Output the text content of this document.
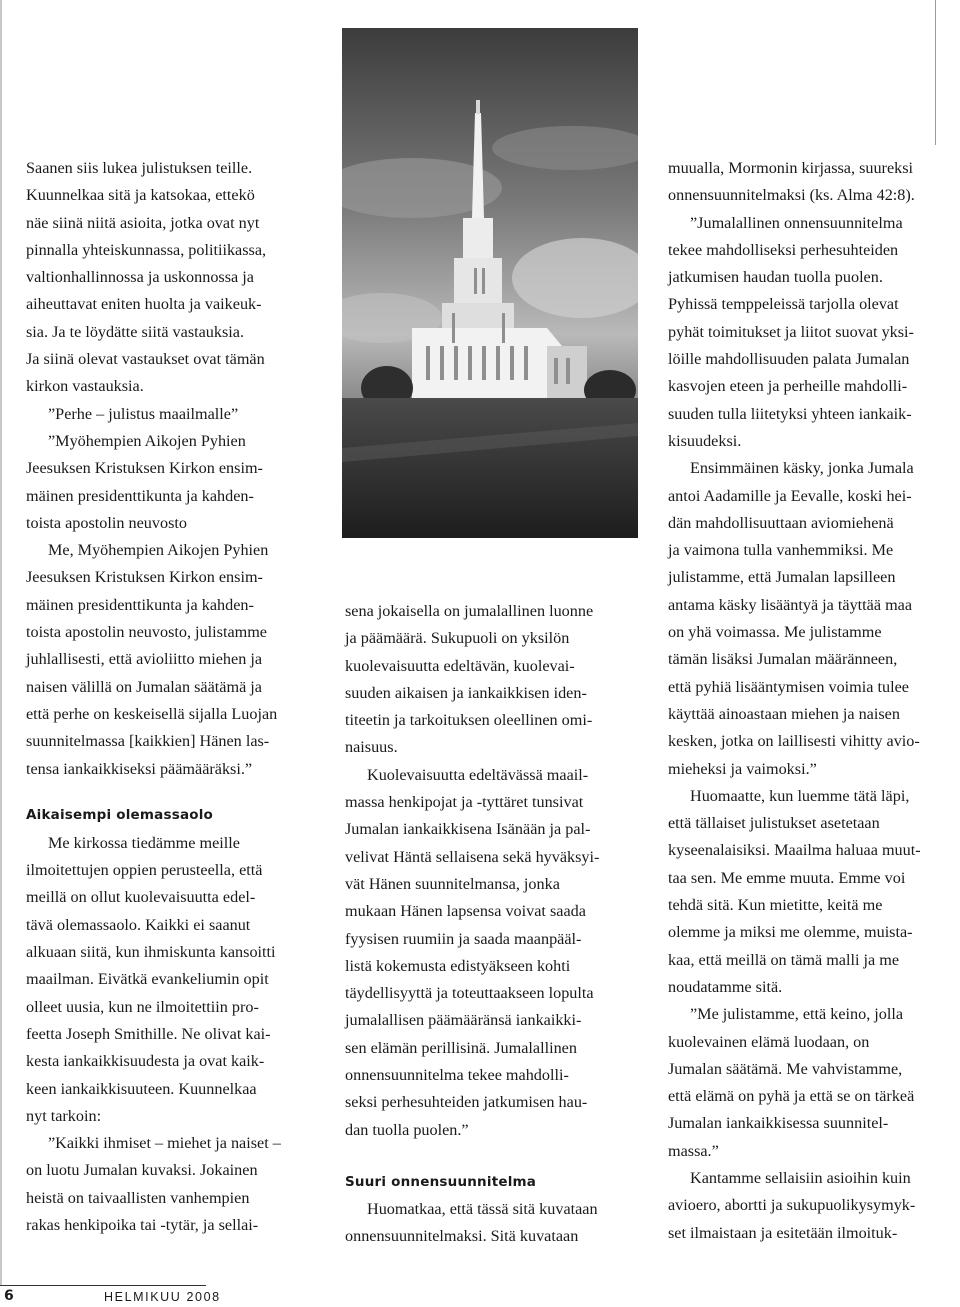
Saanen siis lukea julistuksen teille.
Kuunnelkaa sitä ja katsokaa, ettekö
näe siinä niitä asioita, jotka ovat nyt
pinnalla yhteiskunnassa, politiikassa,
valtionhallinnossa ja uskonnossa ja
aiheuttavat eniten huolta ja vaikeuk-
sia. Ja te löydätte siitä vastauksia.
Ja siinä olevat vastaukset ovat tämän
kirkon vastauksia.

”Perhe – julistus maailmalle”

”Myöhempien Aikojen Pyhien
Jeesuksen Kristuksen Kirkon ensim-
mäinen presidenttikunta ja kahden-
toista apostolin neuvosto

Me, Myöhempien Aikojen Pyhien
Jeesuksen Kristuksen Kirkon ensim-
mäinen presidenttikunta ja kahden-
toista apostolin neuvosto, julistamme
juhlallisesti, että avioliitto miehen ja
naisen välillä on Jumalan säätämä ja
että perhe on keskeisellä sijalla Luojan
suunnitelmassa [kaikkien] Hänen las-
tensa iankaikkiseksi päämääräksi.”

Aikaisempi olemassaolo

Me kirkossa tiedämme meille
ilmoitettujen oppien perusteella, että
meillä on ollut kuolevaisuutta edel-
tävä olemassaolo. Kaikki ei saanut
alkuaan siitä, kun ihmiskunta kansoitti
maailman. Eivätkä evankeliumin opit
olleet uusia, kun ne ilmoitettiin pro-
feetta Joseph Smithille. Ne olivat kai-
kesta iankaikkisuudesta ja ovat kaik-
keen iankaikkisuuteen. Kuunnelkaa
nyt tarkoin:

”Kaikki ihmiset – miehet ja naiset –
on luotu Jumalan kuvaksi. Jokainen
heistä on taivaallisten vanhempien
rakas henkipoika tai -tytär, ja sellai-

sena jokaisella on jumalallinen luonne
ja päämäärä. Sukupuoli on yksilön
kuolevaisuutta edeltävän, kuolevai-
suuden aikaisen ja iankaikkisen iden-
titeetin ja tarkoituksen oleellinen omi-
naisuus.

Kuolevaisuutta edeltävässä maail-
massa henkipojat ja -tyttäret tunsivat
Jumalan iankaikkisena Isänään ja pal-
velivat Häntä sellaisena sekä hyväksyi-
vät Hänen suunnitelmansa, jonka
mukaan Hänen lapsensa voivat saada
fyysisen ruumiin ja saada maanpääl-
listä kokemusta edistyäkseen kohti
täydellisyyttä ja toteuttaakseen lopulta
jumalallisen päämääränsä iankaikki-
sen elämän perillisinä. Jumalallinen
onnensuunnitelma tekee mahdolli-
seksi perhesuhteiden jatkumisen hau-
dan tuolla puolen.”

Suuri onnensuunnitelma

Huomatkaa, että tässä sitä kuvataan
onnensuunnitelmaksi. Sitä kuvataan

muualla, Mormonin kirjassa, suureksi
onnensuunnitelmaksi (ks. Alma 42:8).

”Jumalallinen onnensuunnitelma
tekee mahdolliseksi perhesuhteiden
jatkumisen haudan tuolla puolen.
Pyhissä temppeleissä tarjolla olevat
pyhät toimitukset ja liitot suovat yksi-
löille mahdollisuuden palata Jumalan
kasvojen eteen ja perheille mahdolli-
suuden tulla liitetyksi yhteen iankaik-
kisuudeksi.

Ensimmäinen käsky, jonka Jumala
antoi Aadamille ja Eevalle, koski hei-
dän mahdollisuuttaan aviomiehenä
ja vaimona tulla vanhemmiksi. Me
julistamme, että Jumalan lapsilleen
antama käsky lisääntyä ja täyttää maa
on yhä voimassa. Me julistamme
tämän lisäksi Jumalan määränneen,
että pyhiä lisääntymisen voimia tulee
käyttää ainoastaan miehen ja naisen
kesken, jotka on laillisesti vihitty avio-
mieheksi ja vaimoksi.”

Huomaatte, kun luemme tätä läpi,
että tällaiset julistukset asetetaan
kyseenalaisiksi. Maailma haluaa muut-
taa sen. Me emme muuta. Emme voi
tehdä sitä. Kun mietitte, keitä me
olemme ja miksi me olemme, muista-
kaa, että meillä on tämä malli ja me
noudatamme sitä.

”Me julistamme, että keino, jolla
kuolevainen elämä luodaan, on
Jumalan säätämä. Me vahvistamme,
että elämä on pyhä ja että se on tärkeä
Jumalan iankaikkisessa suunnitel-
massa.”

Kantamme sellaisiin asioihin kuin
avioero, abortti ja sukupuolikysymyk-
set ilmaistaan ja esitetään ilmoituk-

6	HELMIKUU 2008
